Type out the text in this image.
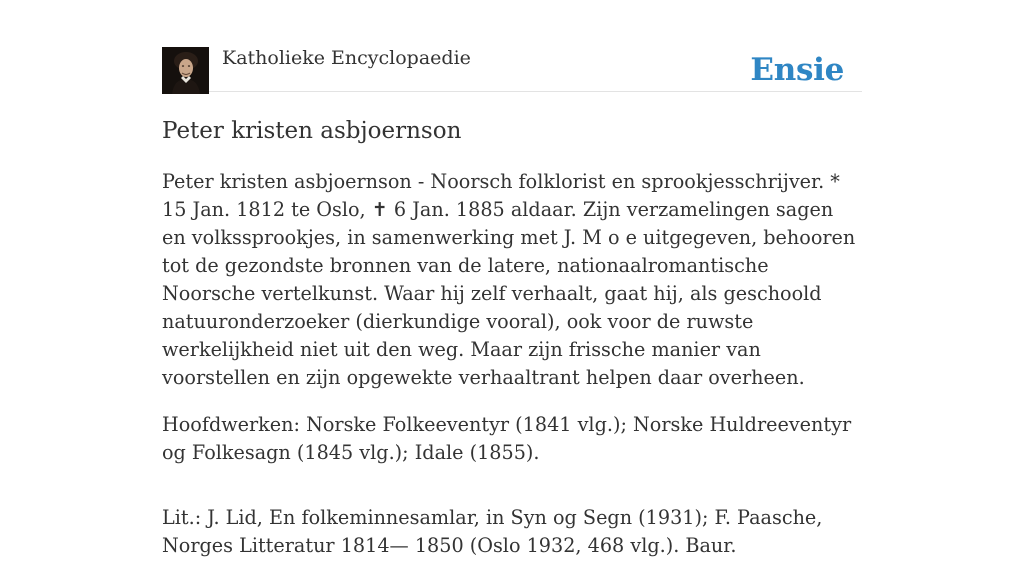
Katholieke Encyclopaedie	Ensie
Peter kristen asbjoernson

Peter kristen asbjoernson - Noorsch folklorist en sprookjesschrijver. * 15 Jan. 1812 te Oslo, ✝ 6 Jan. 1885 aldaar. Zijn verzamelingen sagen en volkssprookjes, in samenwerking met J. M o e uitgegeven, behooren tot de gezondste bronnen van de latere, nationaalromantische Noorsche vertelkunst. Waar hij zelf verhaalt, gaat hij, als geschoold natuuronderzoeker (dierkundige vooral), ook voor de ruwste werkelijkheid niet uit den weg. Maar zijn frissche manier van voorstellen en zijn opgewekte verhaaltrant helpen daar overheen.

Hoofdwerken: Norske Folkeeventyr (1841 vlg.); Norske Huldreeventyr og Folkesagn (1845 vlg.); Idale (1855).

Lit.: J. Lid, En folkeminnesamlar, in Syn og Segn (1931); F. Paasche, Norges Litteratur 1814— 1850 (Oslo 1932, 468 vlg.). Baur.
